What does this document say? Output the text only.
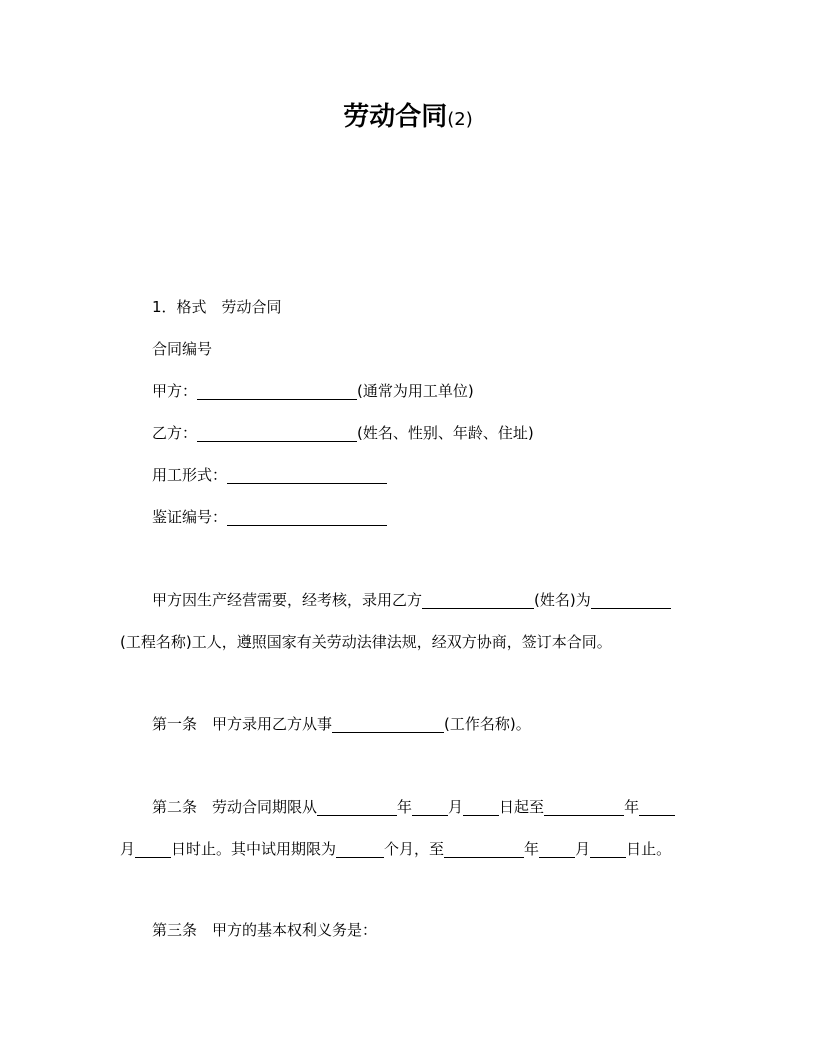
劳动合同(2)
1．格式　劳动合同
合同编号
甲方：	(通常为用工单位)
乙方：	(姓名、性别、年龄、住址)
用工形式：
鉴证编号：
甲方因生产经营需要，经考核，录用乙方	(姓名)为
(工程名称)工人，遵照国家有关劳动法律法规，经双方协商，签订本合同。
第一条　甲方录用乙方从事	(工作名称)。
第二条　劳动合同期限从	年 月 日起至	年
月 日时止。其中试用期限为	个月，至	年 月 日止。
第三条　甲方的基本权利义务是：
